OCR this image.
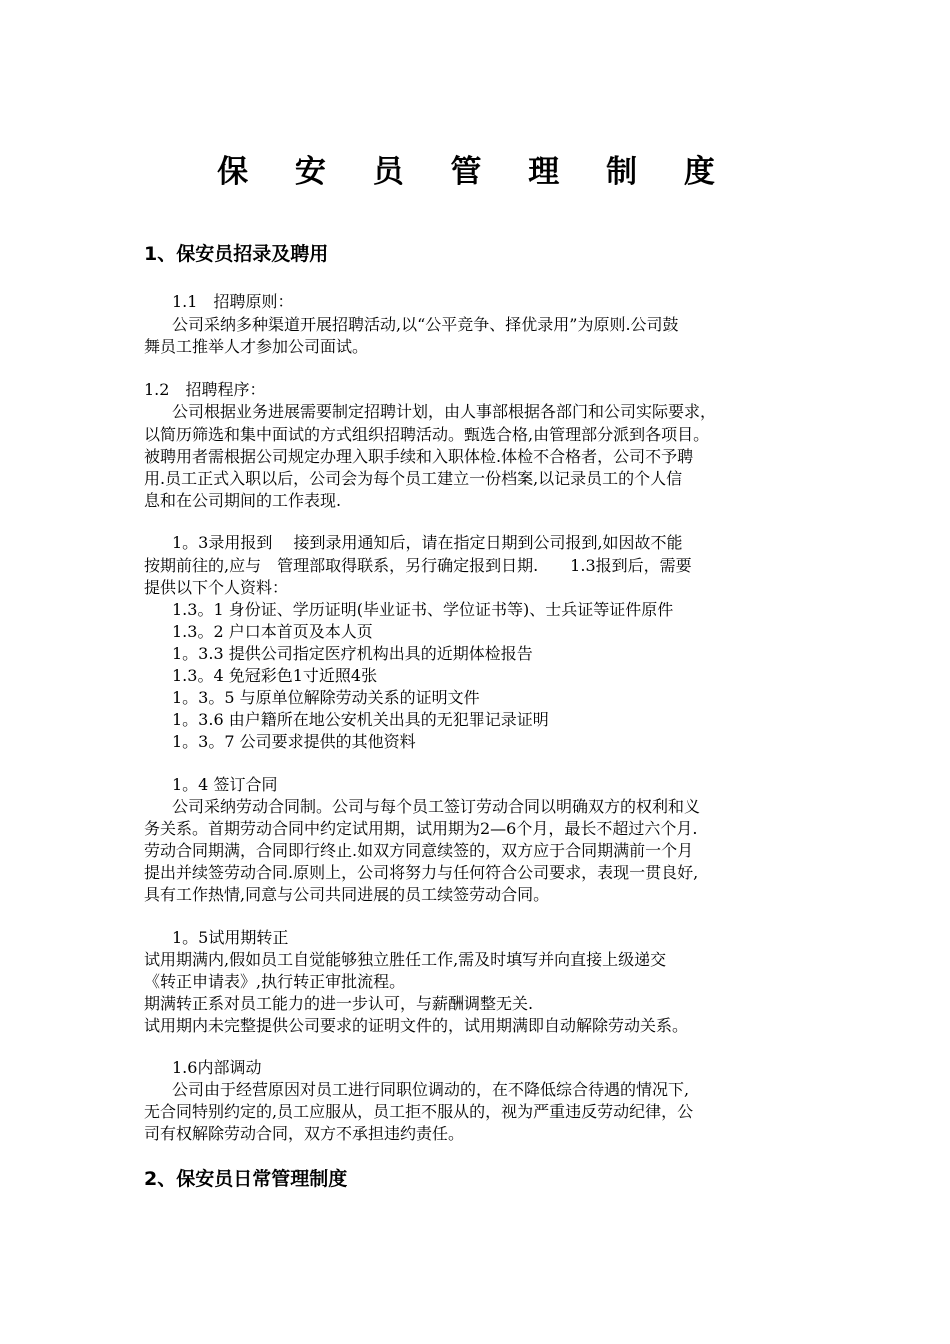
保 安 员 管 理 制 度
1、保安员招录及聘用
1.1　招聘原则：
公司采纳多种渠道开展招聘活动,以“公平竞争、择优录用”为原则.公司鼓
舞员工推举人才参加公司面试。
1.2　招聘程序：
公司根据业务进展需要制定招聘计划，由人事部根据各部门和公司实际要求，
以简历筛选和集中面试的方式组织招聘活动。甄选合格,由管理部分派到各项目。
被聘用者需根据公司规定办理入职手续和入职体检.体检不合格者，公司不予聘
用.员工正式入职以后，公司会为每个员工建立一份档案,以记录员工的个人信
息和在公司期间的工作表现.
1。3录用报到　 接到录用通知后，请在指定日期到公司报到,如因故不能
按期前往的,应与　管理部取得联系，另行确定报到日期.　　1.3报到后，需要
提供以下个人资料：
1.3。1 身份证、学历证明(毕业证书、学位证书等)、士兵证等证件原件
1.3。2 户口本首页及本人页
1。3.3 提供公司指定医疗机构出具的近期体检报告
1.3。4 免冠彩色1寸近照4张
1。3。5 与原单位解除劳动关系的证明文件
1。3.6 由户籍所在地公安机关出具的无犯罪记录证明
1。3。7 公司要求提供的其他资料
1。4 签订合同
公司采纳劳动合同制。公司与每个员工签订劳动合同以明确双方的权利和义
务关系。首期劳动合同中约定试用期，试用期为2—6个月，最长不超过六个月.
劳动合同期满，合同即行终止.如双方同意续签的，双方应于合同期满前一个月
提出并续签劳动合同.原则上，公司将努力与任何符合公司要求，表现一贯良好,
具有工作热情,同意与公司共同进展的员工续签劳动合同。
1。5试用期转正
试用期满内,假如员工自觉能够独立胜任工作,需及时填写并向直接上级递交
《转正申请表》,执行转正审批流程。
期满转正系对员工能力的进一步认可，与薪酬调整无关.
试用期内未完整提供公司要求的证明文件的，试用期满即自动解除劳动关系。
1.6内部调动
公司由于经营原因对员工进行同职位调动的，在不降低综合待遇的情况下,
无合同特别约定的,员工应服从，员工拒不服从的，视为严重违反劳动纪律，公
司有权解除劳动合同，双方不承担违约责任。
2、保安员日常管理制度
